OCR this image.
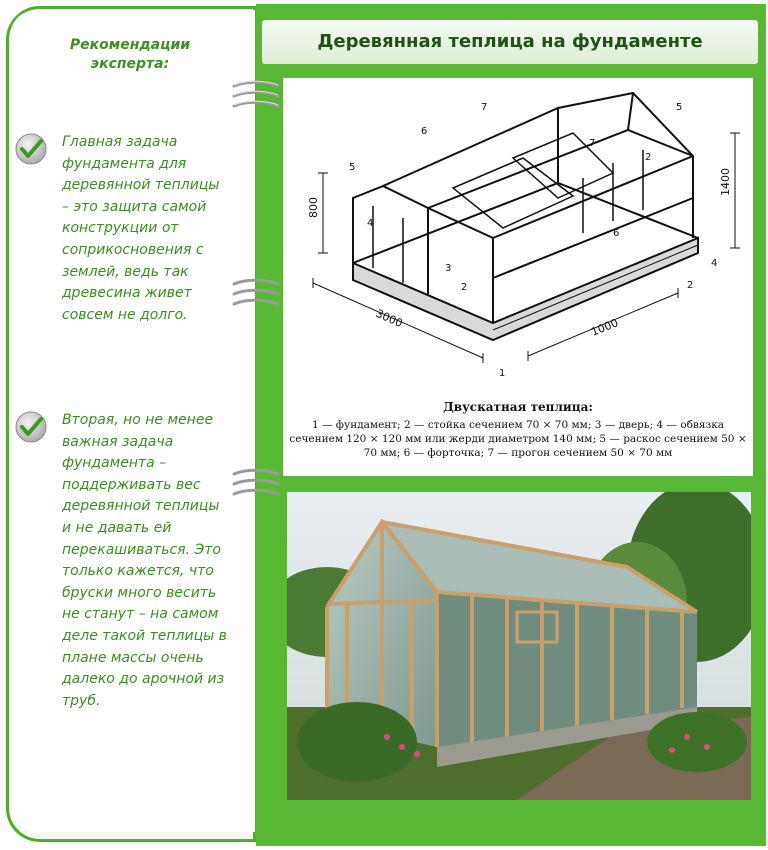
Рекомендации эксперта:
Главная задача фундамента для деревянной теплицы – это защита самой конструкции от соприкосновения с землей, ведь так древесина живет совсем не долго.
Вторая, но не менее важная задача фундамента – поддерживать вес деревянной теплицы и не давать ей перекашиваться. Это только кажется, что бруски много весить не станут – на самом деле такой теплицы в плане массы очень далеко до арочной из труб.
Деревянная теплица на фундаменте
800
1400
3000	1000
7	5
6
7
2
5
4
3
6
2
4
2
1
Двускатная теплица:
1 — фундамент; 2 — стойка сечением 70 × 70 мм; 3 — дверь; 4 — обвязка сечением 120 × 120 мм или жерди диаметром 140 мм; 5 — раскос сечением 50 × 70 мм; 6 — форточка; 7 — прогон сечением 50 × 70 мм
